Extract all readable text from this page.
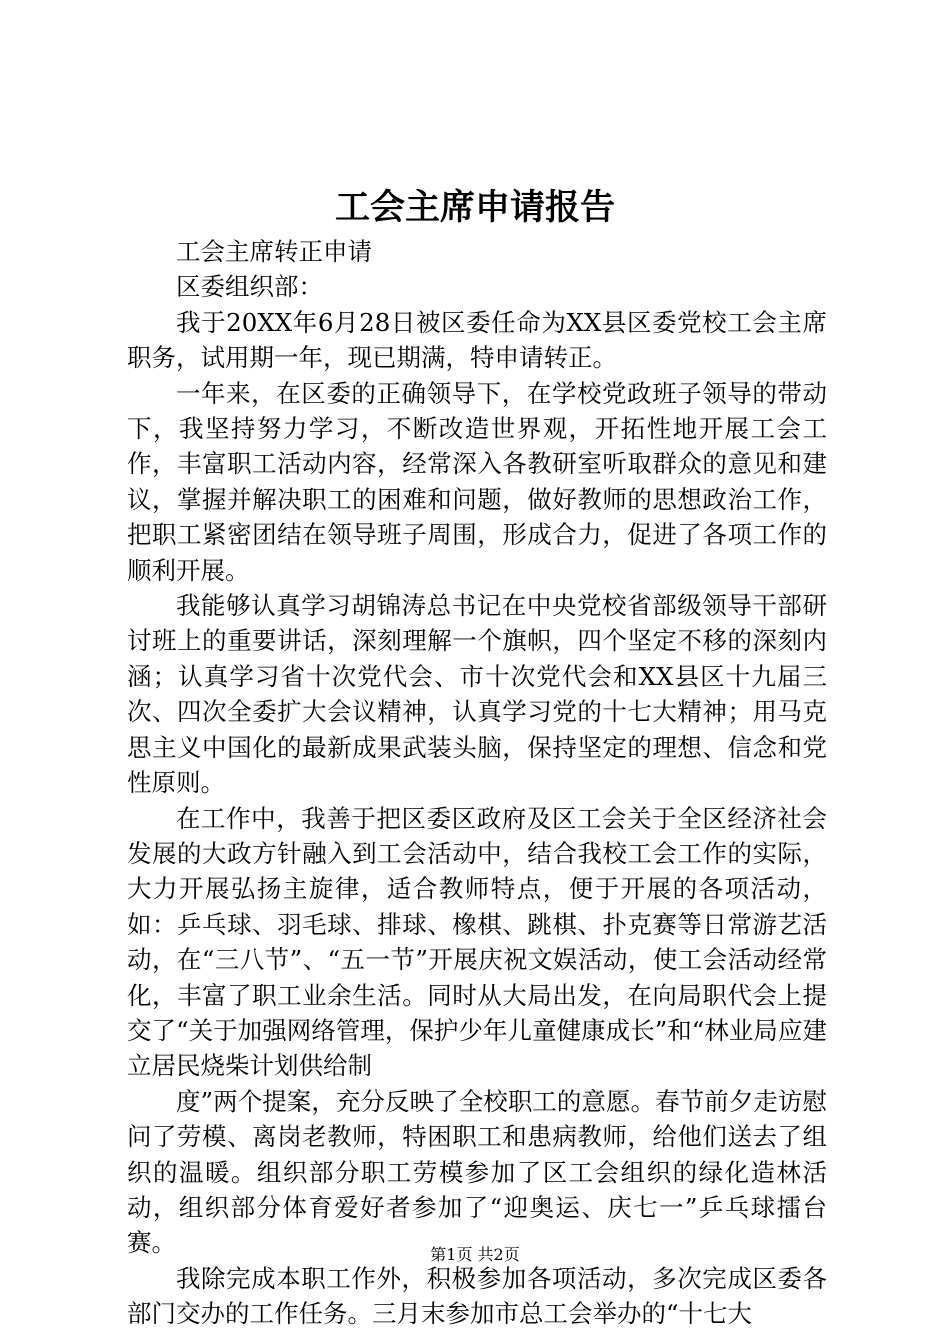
工会主席申请报告

工会主席转正申请

区委组织部：

我于20XX年6月28日被区委任命为XX县区委党校工会主席职务，试用期一年，现已期满，特申请转正。

一年来，在区委的正确领导下，在学校党政班子领导的带动下，我坚持努力学习，不断改造世界观，开拓性地开展工会工作，丰富职工活动内容，经常深入各教研室听取群众的意见和建议，掌握并解决职工的困难和问题，做好教师的思想政治工作，把职工紧密团结在领导班子周围，形成合力，促进了各项工作的顺利开展。

我能够认真学习胡锦涛总书记在中央党校省部级领导干部研讨班上的重要讲话，深刻理解一个旗帜，四个坚定不移的深刻内涵；认真学习省十次党代会、市十次党代会和XX县区十九届三次、四次全委扩大会议精神，认真学习党的十七大精神；用马克思主义中国化的最新成果武装头脑，保持坚定的理想、信念和党性原则。

在工作中，我善于把区委区政府及区工会关于全区经济社会发展的大政方针融入到工会活动中，结合我校工会工作的实际，大力开展弘扬主旋律，适合教师特点，便于开展的各项活动，如：乒乓球、羽毛球、排球、橡棋、跳棋、扑克赛等日常游艺活动，在“三八节”、“五一节”开展庆祝文娱活动，使工会活动经常化，丰富了职工业余生活。同时从大局出发，在向局职代会上提交了“关于加强网络管理，保护少年儿童健康成长”和“林业局应建立居民烧柴计划供给制

度”两个提案，充分反映了全校职工的意愿。春节前夕走访慰问了劳模、离岗老教师，特困职工和患病教师，给他们送去了组织的温暖。组织部分职工劳模参加了区工会组织的绿化造林活动，组织部分体育爱好者参加了“迎奥运、庆七一”乒乓球擂台赛。

我除完成本职工作外，积极参加各项活动，多次完成区委各部门交办的工作任务。三月末参加市总工会举办的“十七大

第1页 共2页
